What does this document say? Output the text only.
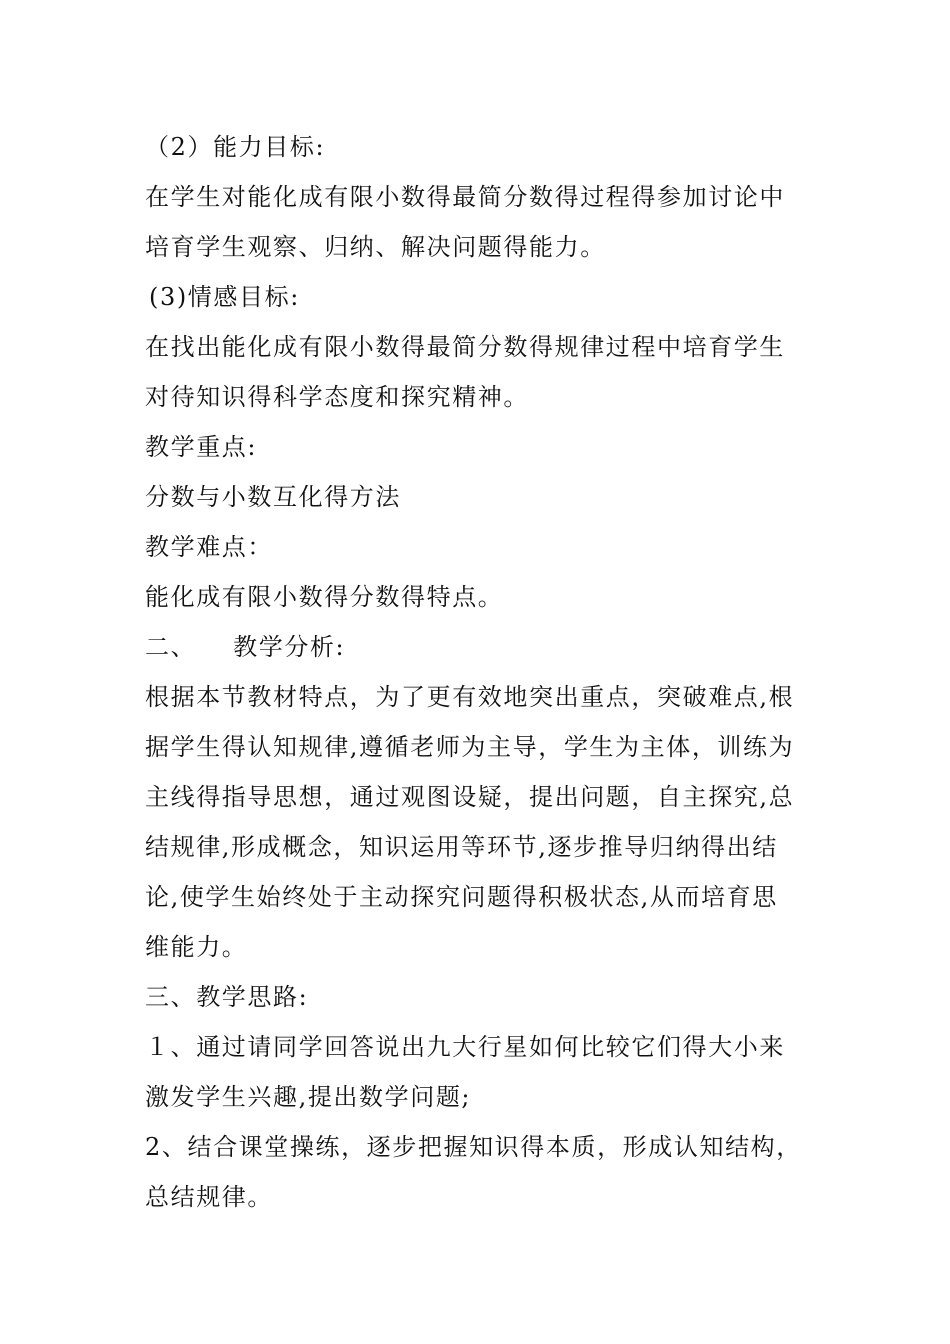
（2）能力目标:
在学生对能化成有限小数得最简分数得过程得参加讨论中
培育学生观察、归纳、解决问题得能力。
(3)情感目标:
在找出能化成有限小数得最简分数得规律过程中培育学生
对待知识得科学态度和探究精神。
教学重点:
分数与小数互化得方法
教学难点：
能化成有限小数得分数得特点。
二、    教学分析:
根据本节教材特点，为了更有效地突出重点，突破难点,根
据学生得认知规律,遵循老师为主导，学生为主体，训练为
主线得指导思想，通过观图设疑，提出问题，自主探究,总
结规律,形成概念，知识运用等环节,逐步推导归纳得出结
论,使学生始终处于主动探究问题得积极状态,从而培育思
维能力。
三、教学思路:
１、通过请同学回答说出九大行星如何比较它们得大小来
激发学生兴趣,提出数学问题;
2、结合课堂操练，逐步把握知识得本质，形成认知结构，
总结规律。
